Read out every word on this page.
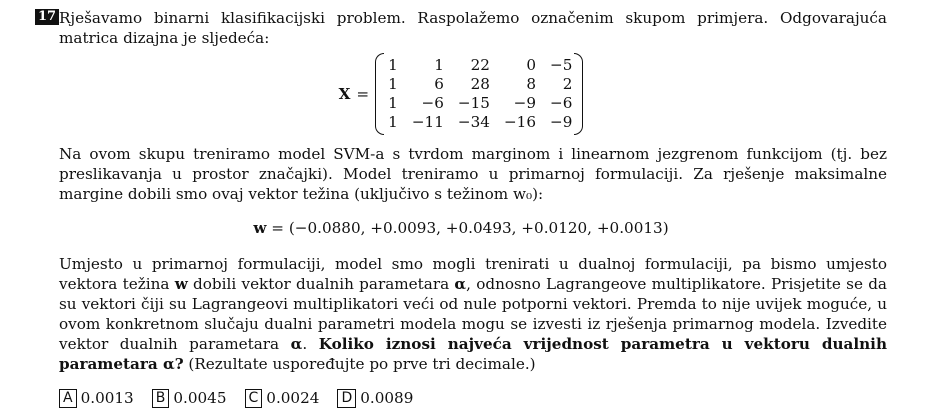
17 Rješavamo binarni klasifikacijski problem. Raspolažemo označenim skupom primjera. Odgovarajuća matrica dizajna je sljedeća:
X =
1	1	22	0	−5
1	6	28	8	2
1	−6	−15	−9	−6
1	−11	−34	−16	−9
Na ovom skupu treniramo model SVM-a s tvrdom marginom i linearnom jezgrenom funkcijom (tj. bez preslikavanja u prostor značajki). Model treniramo u primarnoj formulaciji. Za rješenje maksimalne margine dobili smo ovaj vektor težina (uključivo s težinom w₀):
w = (−0.0880, +0.0093, +0.0493, +0.0120, +0.0013)
Umjesto u primarnoj formulaciji, model smo mogli trenirati u dualnoj formulaciji, pa bismo umjesto vektora težina w dobili vektor dualnih parametara α, odnosno Lagrangeove multiplikatore. Prisjetite se da su vektori čiji su Lagrangeovi multiplikatori veći od nule potporni vektori. Premda to nije uvijek moguće, u ovom konkretnom slučaju dualni parametri modela mogu se izvesti iz rješenja primarnog modela. Izvedite vektor dualnih parametara α. Koliko iznosi najveća vrijednost parametra u vektoru dualnih parametara α? (Rezultate uspoređujte po prve tri decimale.)
A 0.0013 B 0.0045 C 0.0024 D 0.0089
